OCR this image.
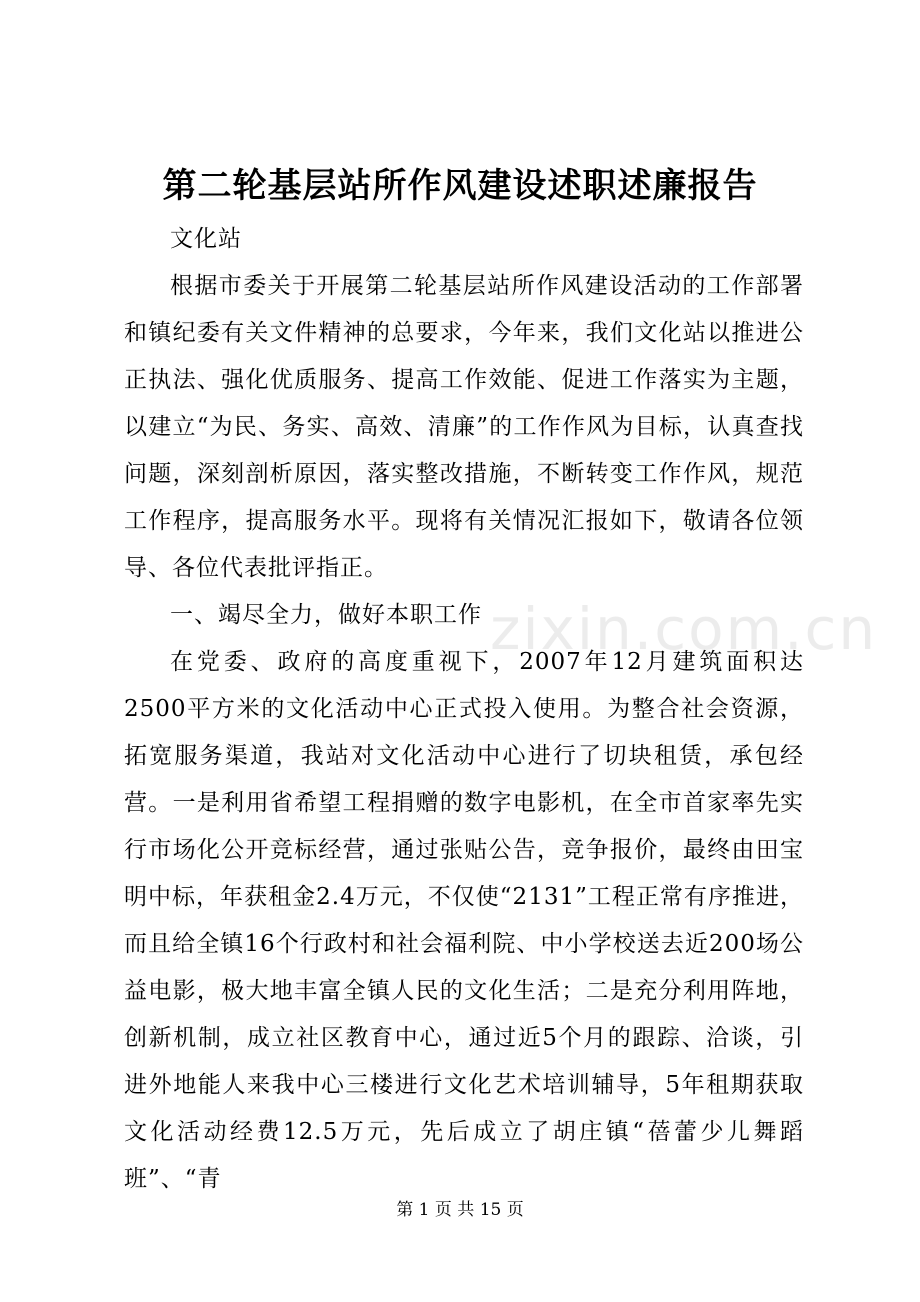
zixin.com.cn
第二轮基层站所作风建设述职述廉报告

文化站

根据市委关于开展第二轮基层站所作风建设活动的工作部署和镇纪委有关文件精神的总要求，今年来，我们文化站以推进公正执法、强化优质服务、提高工作效能、促进工作落实为主题，以建立“为民、务实、高效、清廉”的工作作风为目标，认真查找问题，深刻剖析原因，落实整改措施，不断转变工作作风，规范工作程序，提高服务水平。现将有关情况汇报如下，敬请各位领导、各位代表批评指正。

一、竭尽全力，做好本职工作

在党委、政府的高度重视下，2007年12月建筑面积达2500平方米的文化活动中心正式投入使用。为整合社会资源，拓宽服务渠道，我站对文化活动中心进行了切块租赁，承包经营。一是利用省希望工程捐赠的数字电影机，在全市首家率先实行市场化公开竞标经营，通过张贴公告，竞争报价，最终由田宝明中标，年获租金2.4万元，不仅使“2131”工程正常有序推进，而且给全镇16个行政村和社会福利院、中小学校送去近200场公益电影，极大地丰富全镇人民的文化生活；二是充分利用阵地，创新机制，成立社区教育中心，通过近5个月的跟踪、洽谈，引进外地能人来我中心三楼进行文化艺术培训辅导，5年租期获取文化活动经费12.5万元，先后成立了胡庄镇“蓓蕾少儿舞蹈班”、“青

第 1 页 共 15 页
